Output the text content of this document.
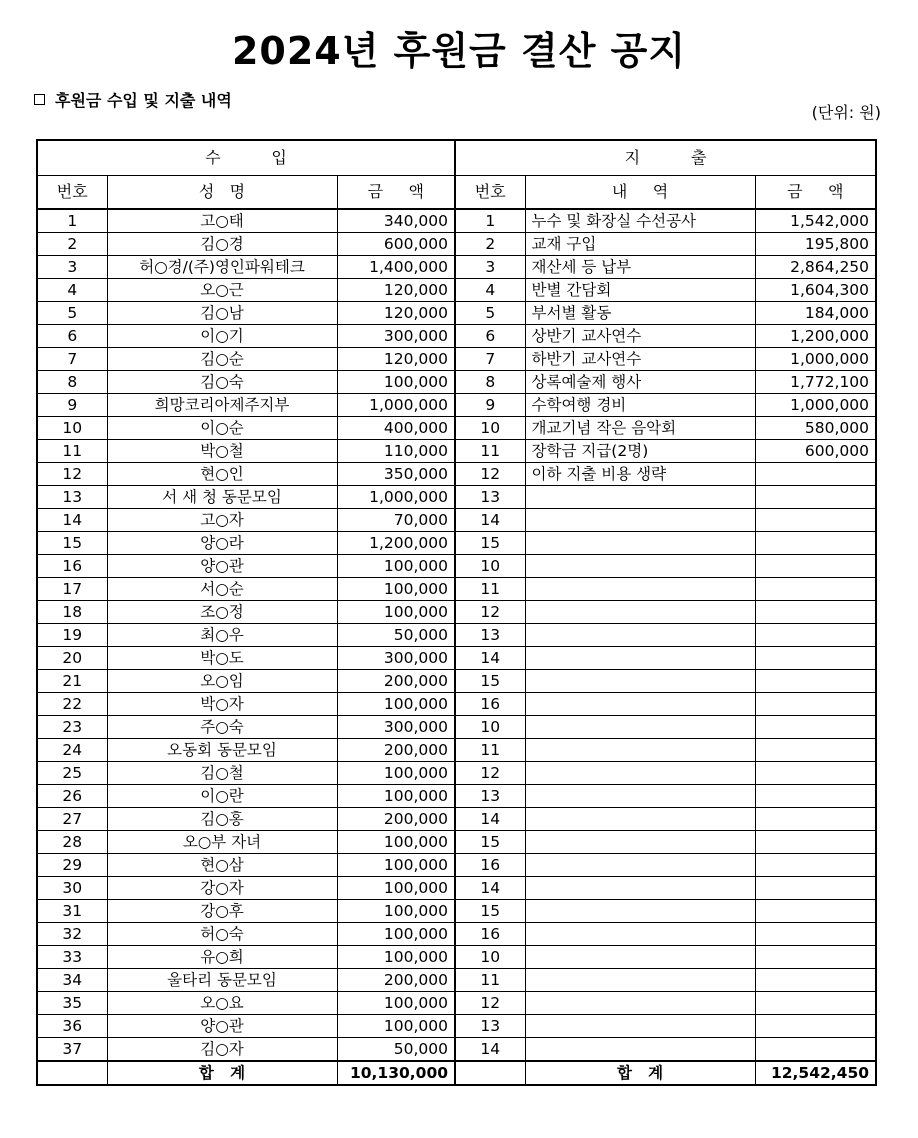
2024년 후원금 결산 공지
후원금 수입 및 지출 내역
(단위: 원)
수          입			지          출		
번호	성   명	금     액	번호	내     역	금     액
1	고○태	340,000	1	누수 및 화장실 수선공사	1,542,000
2	김○경	600,000	2	교재 구입	195,800
3	허○경/(주)영인파워테크	1,400,000	3	재산세 등 납부	2,864,250
4	오○근	120,000	4	반별 간담회	1,604,300
5	김○남	120,000	5	부서별 활동	184,000
6	이○기	300,000	6	상반기 교사연수	1,200,000
7	김○순	120,000	7	하반기 교사연수	1,000,000
8	김○숙	100,000	8	상록예술제 행사	1,772,100
9	희망코리아제주지부	1,000,000	9	수학여행 경비	1,000,000
10	이○순	400,000	10	개교기념 작은 음악회	580,000
11	박○철	110,000	11	장학금 지급(2명)	600,000
12	현○인	350,000	12	이하 지출 비용 생략	
13	서 새 청 동문모임	1,000,000	13		
14	고○자	70,000	14		
15	양○라	1,200,000	15		
16	양○관	100,000	10		
17	서○순	100,000	11		
18	조○정	100,000	12		
19	최○우	50,000	13		
20	박○도	300,000	14		
21	오○임	200,000	15		
22	박○자	100,000	16		
23	주○숙	300,000	10		
24	오동회 동문모임	200,000	11		
25	김○철	100,000	12		
26	이○란	100,000	13		
27	김○홍	200,000	14		
28	오○부 자녀	100,000	15		
29	현○삼	100,000	16		
30	강○자	100,000	14		
31	강○후	100,000	15		
32	허○숙	100,000	16		
33	유○희	100,000	10		
34	울타리 동문모임	200,000	11		
35	오○요	100,000	12		
36	양○관	100,000	13		
37	김○자	50,000	14		
	합   계	10,130,000		합   계	12,542,450
